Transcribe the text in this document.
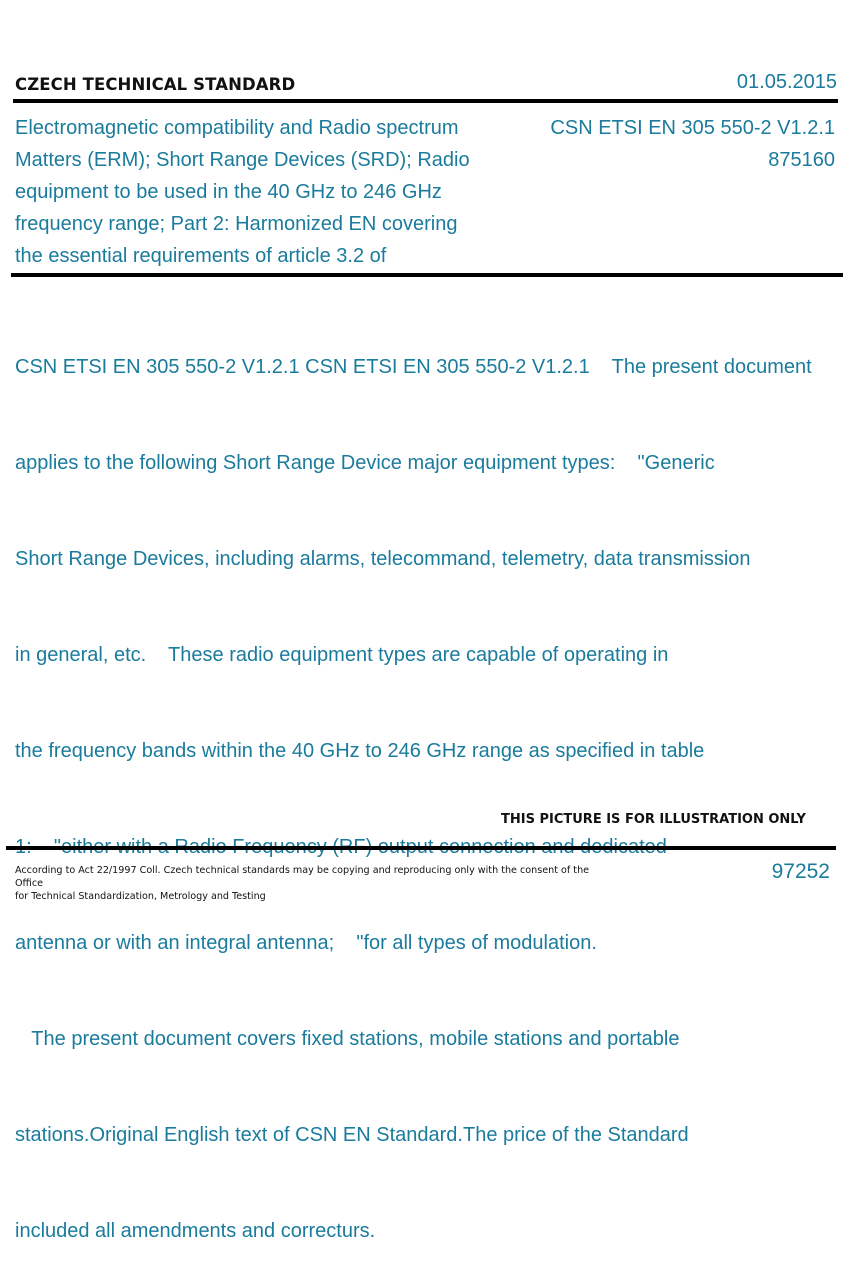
CZECH TECHNICAL STANDARD	01.05.2015
Electromagnetic compatibility and Radio spectrum
Matters (ERM); Short Range Devices (SRD); Radio
equipment to be used in the 40 GHz to 246 GHz
frequency range; Part 2: Harmonized EN covering
the essential requirements of article 3.2 of
CSN ETSI EN 305 550-2 V1.2.1
875160

CSN ETSI EN 305 550-2 V1.2.1 CSN ETSI EN 305 550-2 V1.2.1    The present document

applies to the following Short Range Device major equipment types:    "Generic

Short Range Devices, including alarms, telecommand, telemetry, data transmission

in general, etc.    These radio equipment types are capable of operating in

the frequency bands within the 40 GHz to 246 GHz range as specified in table

antenna or with an integral antenna;    "for all types of modulation.

The present document covers fixed stations, mobile stations and portable

stations.Original English text of CSN EN Standard.The price of the Standard

included all amendments and correcturs.

THIS PICTURE IS FOR ILLUSTRATION ONLY
According to Act 22/1997 Coll. Czech technical standards may be copying and reproducing only with the consent of the Office
for Technical Standardization, Metrology and Testing
97252
